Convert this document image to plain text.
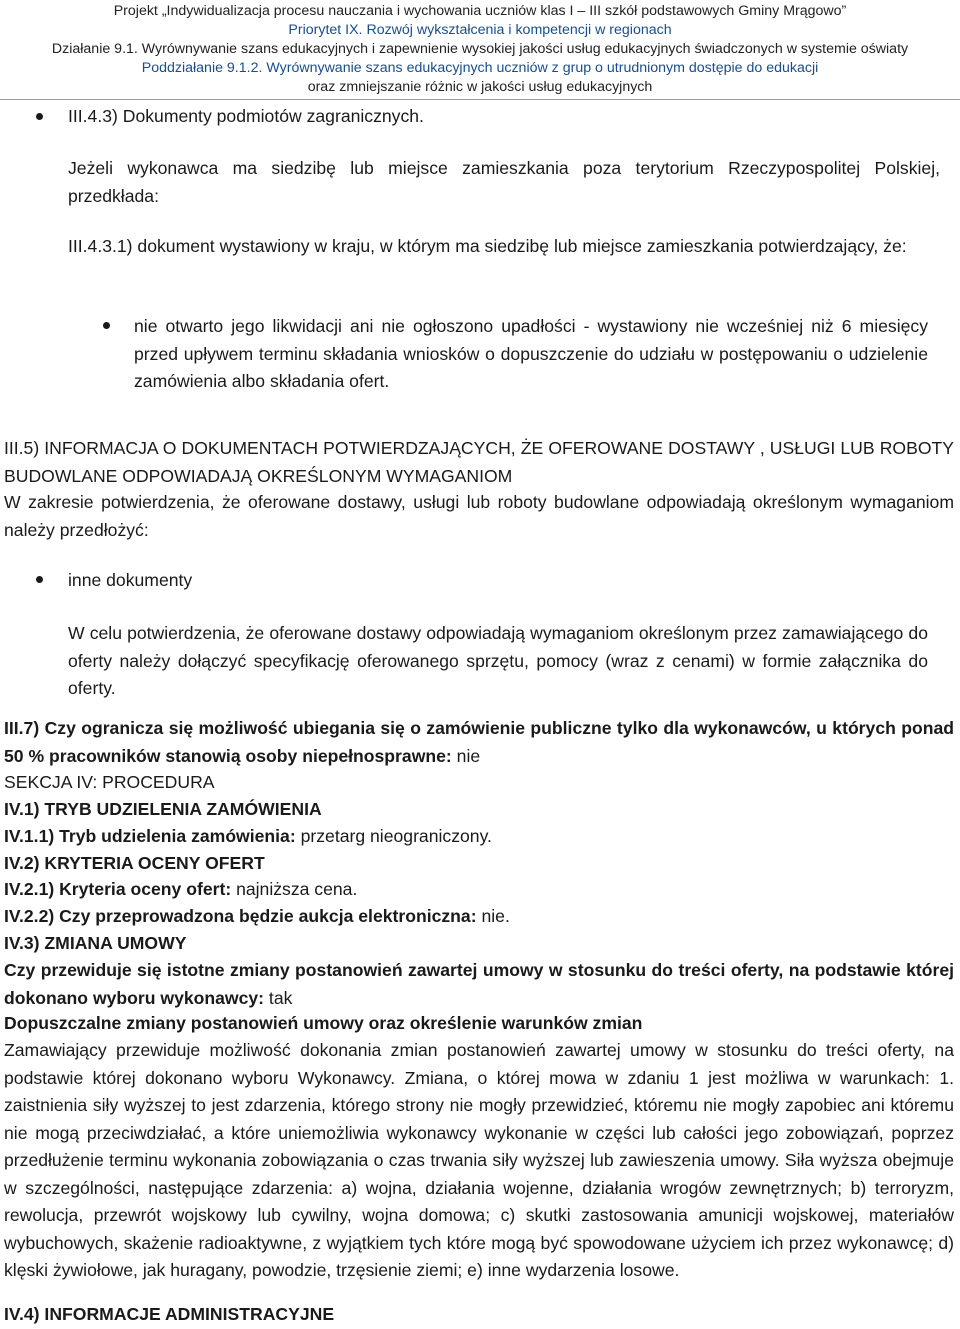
Projekt „Indywidualizacja procesu nauczania i wychowania uczniów klas I – III szkół podstawowych Gminy Mrągowo”
Priorytet IX. Rozwój wykształcenia i kompetencji w regionach
Działanie 9.1. Wyrównywanie szans edukacyjnych i zapewnienie wysokiej jakości usług edukacyjnych świadczonych w systemie oświaty
Poddziałanie 9.1.2. Wyrównywanie szans edukacyjnych uczniów z grup o utrudnionym dostępie do edukacji
oraz zmniejszanie różnic w jakości usług edukacyjnych
III.4.3) Dokumenty podmiotów zagranicznych.
Jeżeli wykonawca ma siedzibę lub miejsce zamieszkania poza terytorium Rzeczypospolitej Polskiej, przedkłada:
III.4.3.1) dokument wystawiony w kraju, w którym ma siedzibę lub miejsce zamieszkania potwierdzający, że:
nie otwarto jego likwidacji ani nie ogłoszono upadłości - wystawiony nie wcześniej niż 6 miesięcy przed upływem terminu składania wniosków o dopuszczenie do udziału w postępowaniu o udzielenie zamówienia albo składania ofert.
III.5) INFORMACJA O DOKUMENTACH POTWIERDZAJĄCYCH, ŻE OFEROWANE DOSTAWY , USŁUGI LUB ROBOTY BUDOWLANE ODPOWIADAJĄ OKREŚLONYM WYMAGANIOM
W zakresie potwierdzenia, że oferowane dostawy, usługi lub roboty budowlane odpowiadają określonym wymaganiom należy przedłożyć:
inne dokumenty
W celu potwierdzenia, że oferowane dostawy odpowiadają wymaganiom określonym przez zamawiającego do oferty należy dołączyć specyfikację oferowanego sprzętu, pomocy (wraz z cenami) w formie załącznika do oferty.
III.7) Czy ogranicza się możliwość ubiegania się o zamówienie publiczne tylko dla wykonawców, u których ponad 50 % pracowników stanowią osoby niepełnosprawne: nie
SEKCJA IV: PROCEDURA
IV.1) TRYB UDZIELENIA ZAMÓWIENIA
IV.1.1) Tryb udzielenia zamówienia: przetarg nieograniczony.
IV.2) KRYTERIA OCENY OFERT
IV.2.1) Kryteria oceny ofert: najniższa cena.
IV.2.2) Czy przeprowadzona będzie aukcja elektroniczna: nie.
IV.3) ZMIANA UMOWY
Czy przewiduje się istotne zmiany postanowień zawartej umowy w stosunku do treści oferty, na podstawie której dokonano wyboru wykonawcy: tak
Dopuszczalne zmiany postanowień umowy oraz określenie warunków zmian
Zamawiający przewiduje możliwość dokonania zmian postanowień zawartej umowy w stosunku do treści oferty, na podstawie której dokonano wyboru Wykonawcy. Zmiana, o której mowa w zdaniu 1 jest możliwa w warunkach: 1. zaistnienia siły wyższej to jest zdarzenia, którego strony nie mogły przewidzieć, któremu nie mogły zapobiec ani któremu nie mogą przeciwdziałać, a które uniemożliwia wykonawcy wykonanie w części lub całości jego zobowiązań, poprzez przedłużenie terminu wykonania zobowiązania o czas trwania siły wyższej lub zawieszenia umowy. Siła wyższa obejmuje w szczególności, następujące zdarzenia: a) wojna, działania wojenne, działania wrogów zewnętrznych; b) terroryzm, rewolucja, przewrót wojskowy lub cywilny, wojna domowa; c) skutki zastosowania amunicji wojskowej, materiałów wybuchowych, skażenie radioaktywne, z wyjątkiem tych które mogą być spowodowane użyciem ich przez wykonawcę; d) klęski żywiołowe, jak huragany, powodzie, trzęsienie ziemi; e) inne wydarzenia losowe.
IV.4) INFORMACJE ADMINISTRACYJNE
